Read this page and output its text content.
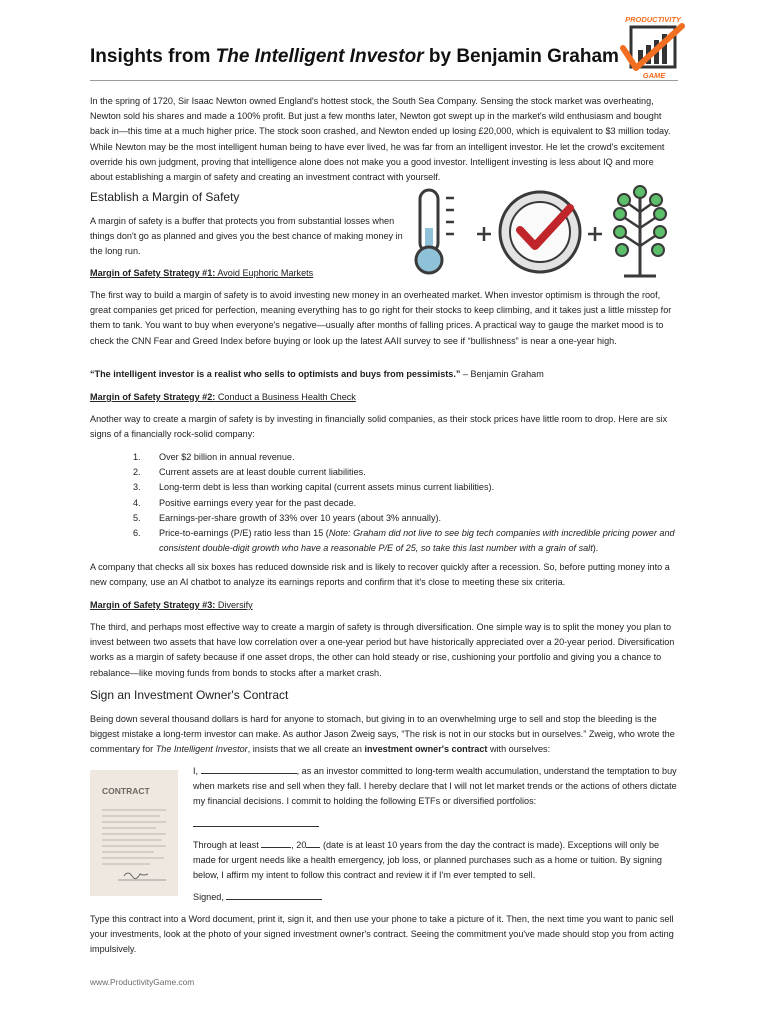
Insights from The Intelligent Investor by Benjamin Graham
PRODUCTIVITY
GAME
In the spring of 1720, Sir Isaac Newton owned England's hottest stock, the South Sea Company. Sensing the stock market was overheating, Newton sold his shares and made a 100% profit. But just a few months later, Newton got swept up in the market's wild enthusiasm and bought back in—this time at a much higher price. The stock soon crashed, and Newton ended up losing £20,000, which is equivalent to $3 million today. While Newton may be the most intelligent human being to have ever lived, he was far from an intelligent investor. He let the crowd's excitement override his own judgment, proving that intelligence alone does not make you a good investor. Intelligent investing is less about IQ and more about establishing a margin of safety and creating an investment contract with yourself.
Establish a Margin of Safety
A margin of safety is a buffer that protects you from substantial losses when things don't go as planned and gives you the best chance of making money in the long run.
Margin of Safety Strategy #1: Avoid Euphoric Markets
The first way to build a margin of safety is to avoid investing new money in an overheated market. When investor optimism is through the roof, great companies get priced for perfection, meaning everything has to go right for their stocks to keep climbing, and it takes just a little misstep for them to tank. You want to buy when everyone's negative—usually after months of falling prices. A practical way to gauge the market mood is to check the CNN Fear and Greed Index before buying or look up the latest AAII survey to see if “bullishness” is near a one-year high.
“The intelligent investor is a realist who sells to optimists and buys from pessimists.” – Benjamin Graham
Margin of Safety Strategy #2: Conduct a Business Health Check
Another way to create a margin of safety is by investing in financially solid companies, as their stock prices have little room to drop. Here are six signs of a financially rock-solid company:
1. Over $2 billion in annual revenue.
2. Current assets are at least double current liabilities.
3. Long-term debt is less than working capital (current assets minus current liabilities).
4. Positive earnings every year for the past decade.
5. Earnings-per-share growth of 33% over 10 years (about 3% annually).
6. Price-to-earnings (P/E) ratio less than 15 (Note: Graham did not live to see big tech companies with incredible pricing power and consistent double-digit growth who have a reasonable P/E of 25, so take this last number with a grain of salt).
A company that checks all six boxes has reduced downside risk and is likely to recover quickly after a recession. So, before putting money into a new company, use an AI chatbot to analyze its earnings reports and confirm that it's close to meeting these six criteria.
Margin of Safety Strategy #3: Diversify
The third, and perhaps most effective way to create a margin of safety is through diversification. One simple way is to split the money you plan to invest between two assets that have low correlation over a one-year period but have historically appreciated over a 20-year period. Diversification works as a margin of safety because if one asset drops, the other can hold steady or rise, cushioning your portfolio and giving you a chance to rebalance—like moving funds from bonds to stocks after a market crash.
Sign an Investment Owner's Contract
Being down several thousand dollars is hard for anyone to stomach, but giving in to an overwhelming urge to sell and stop the bleeding is the biggest mistake a long-term investor can make. As author Jason Zweig says, “The risk is not in our stocks but in ourselves.” Zweig, who wrote the commentary for The Intelligent Investor, insists that we all create an investment owner's contract with ourselves:
CONTRACT
I,	, as an investor committed to long-term wealth accumulation, understand the temptation to buy when markets rise and sell when they fall. I hereby declare that I will not let market trends or the actions of others dictate my financial decisions. I commit to holding the following ETFs or diversified portfolios:
Through at least	, 20 (date is at least 10 years from the day the contract is made). Exceptions will only be made for urgent needs like a health emergency, job loss, or planned purchases such as a home or tuition. By signing below, I affirm my intent to follow this contract and review it if I'm ever tempted to sell.
Signed,
Type this contract into a Word document, print it, sign it, and then use your phone to take a picture of it. Then, the next time you want to panic sell your investments, look at the photo of your signed investment owner's contract. Seeing the commitment you've made should stop you from acting impulsively.
www.ProductivityGame.com
